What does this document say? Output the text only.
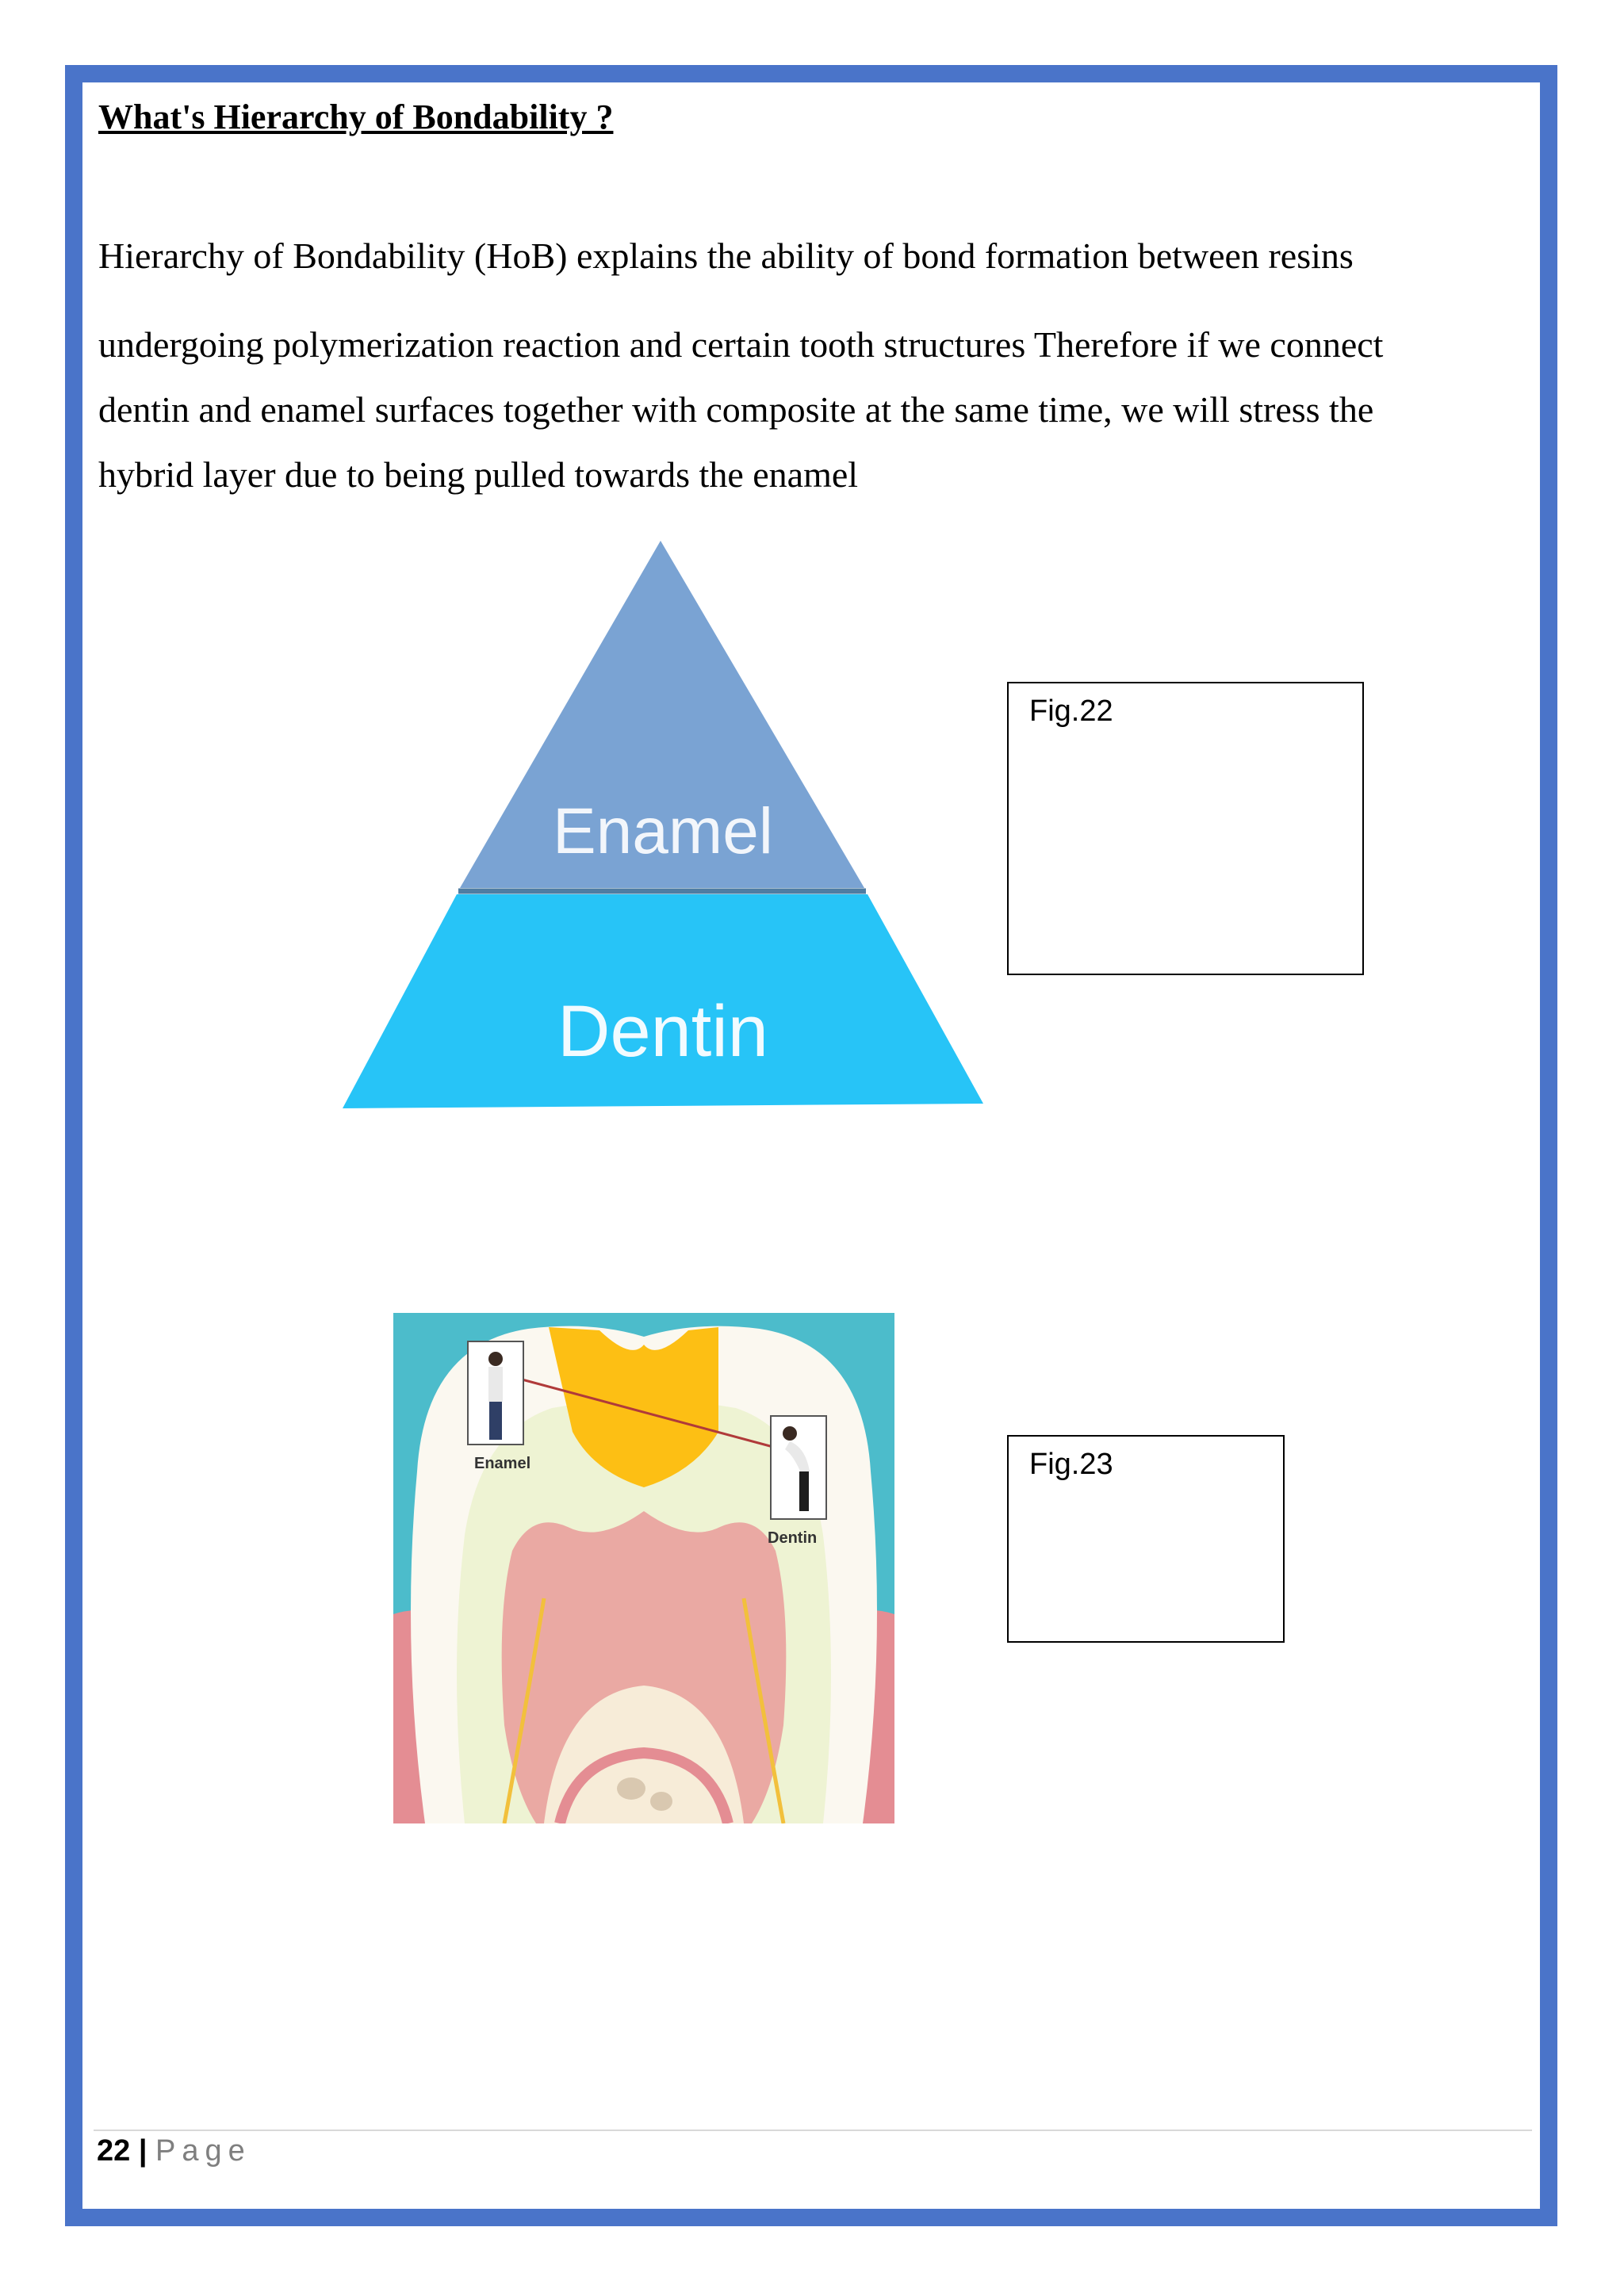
What's Hierarchy of Bondability ?
Hierarchy of Bondability (HoB) explains the ability of bond formation between resins
undergoing polymerization reaction and certain tooth structures Therefore if we connect
dentin and enamel surfaces together with composite at the same time, we will stress the
hybrid layer due to being pulled towards the enamel
Enamel
Dentin
Fig.22
Enamel
Dentin
Fig.23
22 | Page
